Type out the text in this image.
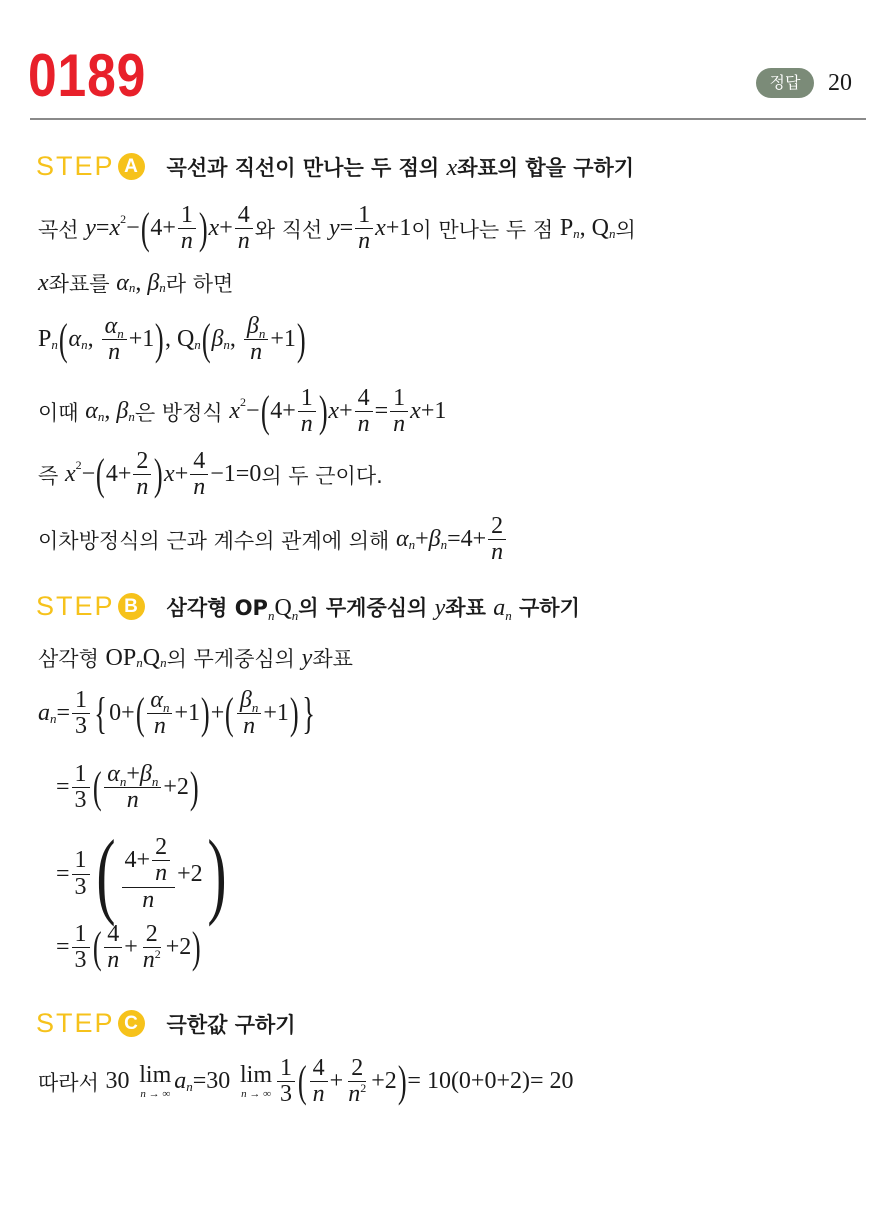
0189	정답	20
STEP A	곡선과 직선이 만나는 두 점의 x좌표의 합을 구하기
곡선
y = x 2 − ( $4+ \frac{1}{n}$ ) $x + \frac{4}{n}$ 와 직선
$y = \frac{1}{n}$ x +1 이 만나는 두 점
P n , Q n 의
x 좌표를
α n , β n 라 하면
P n ( α n , $\frac{\alpha_n}{n} +1$ ) , Q n ( β n , $\frac{\beta_n}{n} +1$ )
이때
α n , β n 은 방정식
x 2 − ( $4+ \frac{1}{n}$ ) $x + \frac{4}{n} = \frac{1}{n}$ x +1
즉
x 2 − ( $4+ \frac{2}{n}$ ) $x + \frac{4}{n} -1=0$ 의 두 근이다.
이차방정식의 근과 계수의 관계에 의해
α n + β $n =4+ \frac{2}{n}$
STEP B	삼각형 $OP_nQ_n$의 무게중심의 y좌표 $a_n$ 구하기
삼각형
OP n Q n 의 무게중심의
y 좌표
a $n = \frac{1}{3}$ { 0+ ( $\frac{\alpha_n}{n} +1$ ) + ( $\frac{\beta_n}{n} +1$ ) }
= $\frac{1}{3}$ ( $\frac{\alpha_n+\beta_n}{n} +2$ )
= $\frac{1}{3}$ ( $\frac{4+ \frac{2}{n}}{n} +2$ )
= $\frac{1}{3}$ ( $\frac{4}{n} + \frac{2}{n^2} +2$ )
STEP C	극한값 구하기
따라서
30
lim
n → ∞ a n = 30
lim
n → ∞ $\frac{1}{3}$ ( $\frac{4}{n} + \frac{2}{n^2} +2$ ) = 10(0+0+2)= 20
